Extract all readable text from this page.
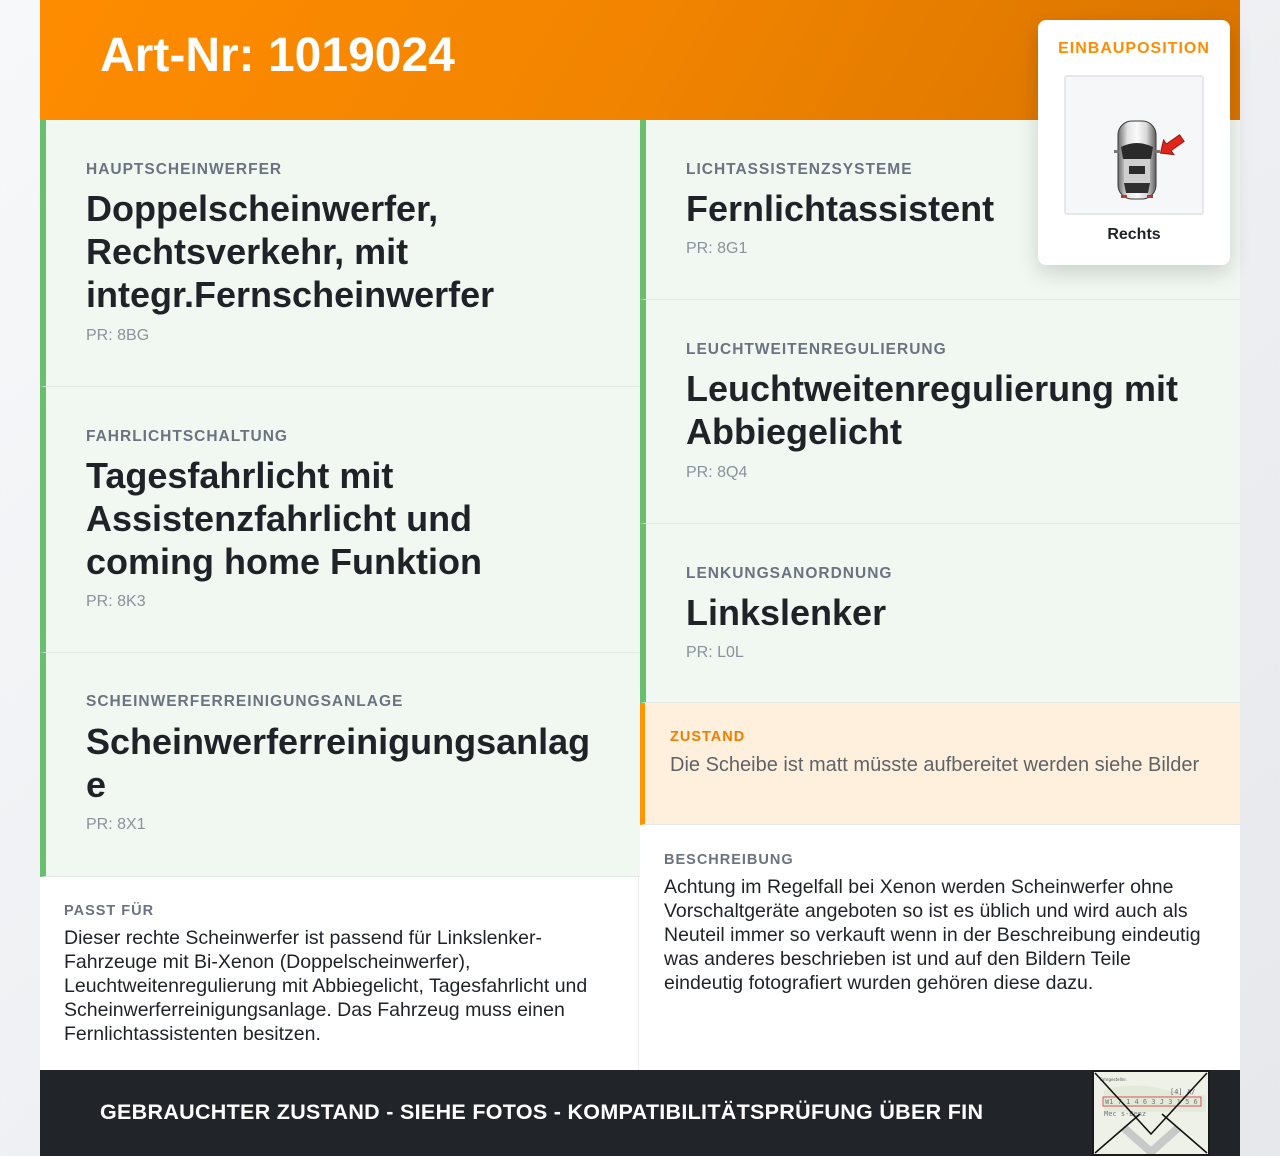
Art-Nr: 1019024
HAUPTSCHEINWERFER
Doppelscheinwerfer, Rechtsverkehr, mit integr.Fernscheinwerfer
PR: 8BG
FAHRLICHTSCHALTUNG
Tagesfahrlicht mit Assistenzfahrlicht und coming home Funktion
PR: 8K3
SCHEINWERFERREINIGUNGSANLAGE
Scheinwerferreinigungsanlage
PR: 8X1
LICHTASSISTENZSYSTEME
Fernlichtassistent
PR: 8G1
LEUCHTWEITENREGULIERUNG
Leuchtweitenregulierung mit Abbiegelicht
PR: 8Q4
LENKUNGSANORDNUNG
Linkslenker
PR: L0L
ZUSTAND
Die Scheibe ist matt müsste aufbereitet werden siehe Bilder
PASST FÜR
Dieser rechte Scheinwerfer ist passend für Linkslenker-Fahrzeuge mit Bi-Xenon (Doppelscheinwerfer), Leuchtweitenregulierung mit Abbiegelicht, Tagesfahrlicht und Scheinwerferreinigungsanlage. Das Fahrzeug muss einen Fernlichtassistenten besitzen.
BESCHREIBUNG
Achtung im Regelfall bei Xenon werden Scheinwerfer ohne Vorschaltgeräte angeboten so ist es üblich und wird auch als Neuteil immer so verkauft wenn in der Beschreibung eindeutig was anderes beschrieben ist und auf den Bildern Teile eindeutig fotografiert wurden gehören diese dazu.
GEBRAUCHTER ZUSTAND - SIEHE FOTOS - KOMPATIBILITÄTSPRÜFUNG ÜBER FIN
Fahrgestellnr.
[4] A/
W1 7 1 4 6 3 J 3 1 5 6
Mec s-Benz
EINBAUPOSITION
Rechts
